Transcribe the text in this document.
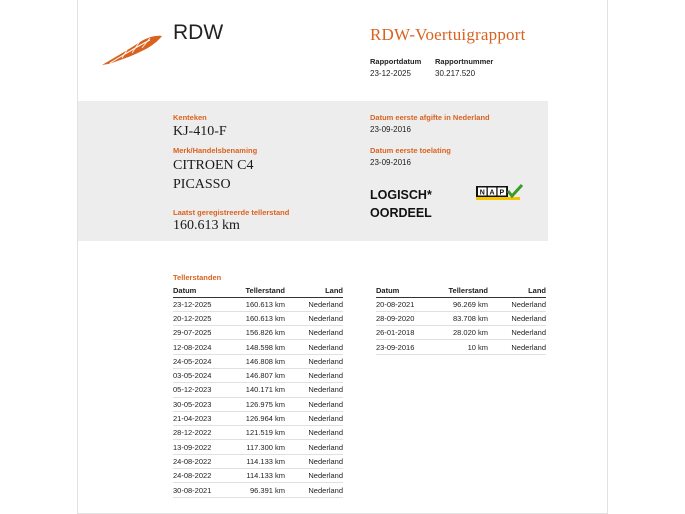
RDW	RDW-Voertuigrapport
Rapportdatum
23-12-2025
Rapportnummer
30.217.520
Kenteken
KJ-410-F
Merk/Handelsbenaming
CITROEN C4
PICASSO
Laatst geregistreerde tellerstand
160.613 km
Datum eerste afgifte in Nederland
23-09-2016
Datum eerste toelating
23-09-2016
LOGISCH*
OORDEEL
N A P
Tellerstanden
Datum	Tellerstand	Land
23-12-2025	160.613 km	Nederland
20-12-2025	160.613 km	Nederland
29-07-2025	156.826 km	Nederland
12-08-2024	148.598 km	Nederland
24-05-2024	146.808 km	Nederland
03-05-2024	146.807 km	Nederland
05-12-2023	140.171 km	Nederland
30-05-2023	126.975 km	Nederland
21-04-2023	126.964 km	Nederland
28-12-2022	121.519 km	Nederland
13-09-2022	117.300 km	Nederland
24-08-2022	114.133 km	Nederland
24-08-2022	114.133 km	Nederland
30-08-2021	96.391 km	Nederland
Datum	Tellerstand	Land
20-08-2021	96.269 km	Nederland
28-09-2020	83.708 km	Nederland
26-01-2018	28.020 km	Nederland
23-09-2016	10 km	Nederland
